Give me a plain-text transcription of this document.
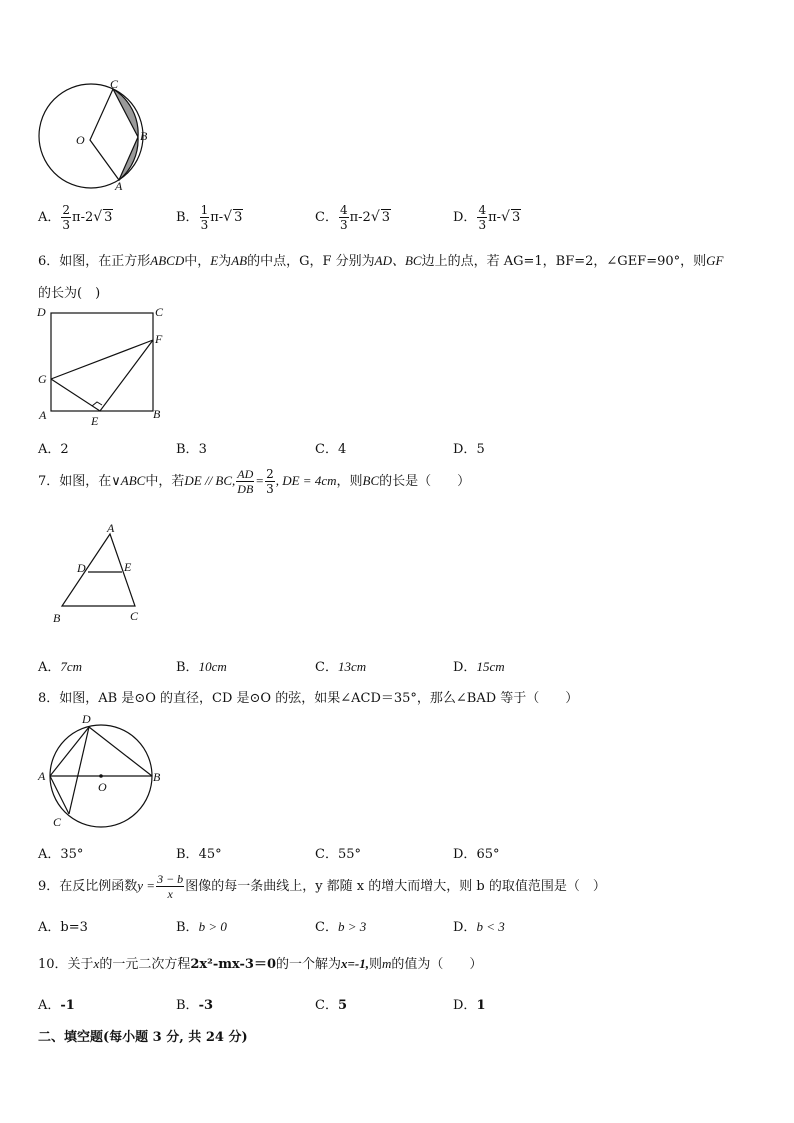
C
O	B
A
A． $\frac{2}{3} \pi-2√$ 3	B． $\frac{1}{3} \pi-√$ 3	C． $\frac{4}{3} \pi-2√$ 3	D． $\frac{4}{3} \pi-√$ 3
6．如图，在正方形ABCD中，E为AB的中点，G，F 分别为AD、BC边上的点，若 AG=1，BF=2，∠GEF=90°，则GF
的长为(　)
D	C
F
G
A	E	B
A．2	B．3	C．4	D．5
7．如图，在∨ABC中，若DE // BC, $\frac{AD}{DB} = \frac{2}{3}$ , DE = 4cm，则BC的长是（　　）
A
D	E
B	C
A．7cm	B．10cm	C．13cm	D．15cm
8．如图，AB 是⊙O 的直径，CD 是⊙O 的弦，如果∠ACD＝35°，那么∠BAD 等于（　　）
D
A
O
B
C
A．35°	B．45°	C．55°	D．65°
9．在反比例函数$y = \frac{3 - b}{x}$ 图像的每一条曲线上，y 都随 x 的增大而增大，则 b 的取值范围是（　）
A．b=3	B．b > 0	C．b > 3	D．b < 3
10．关于x的一元二次方程2x²-mx-3＝0的一个解为x=-1,则m的值为（　　）
A．-1	B．-3	C．5	D．1
二、填空题(每小题 3 分, 共 24 分)
